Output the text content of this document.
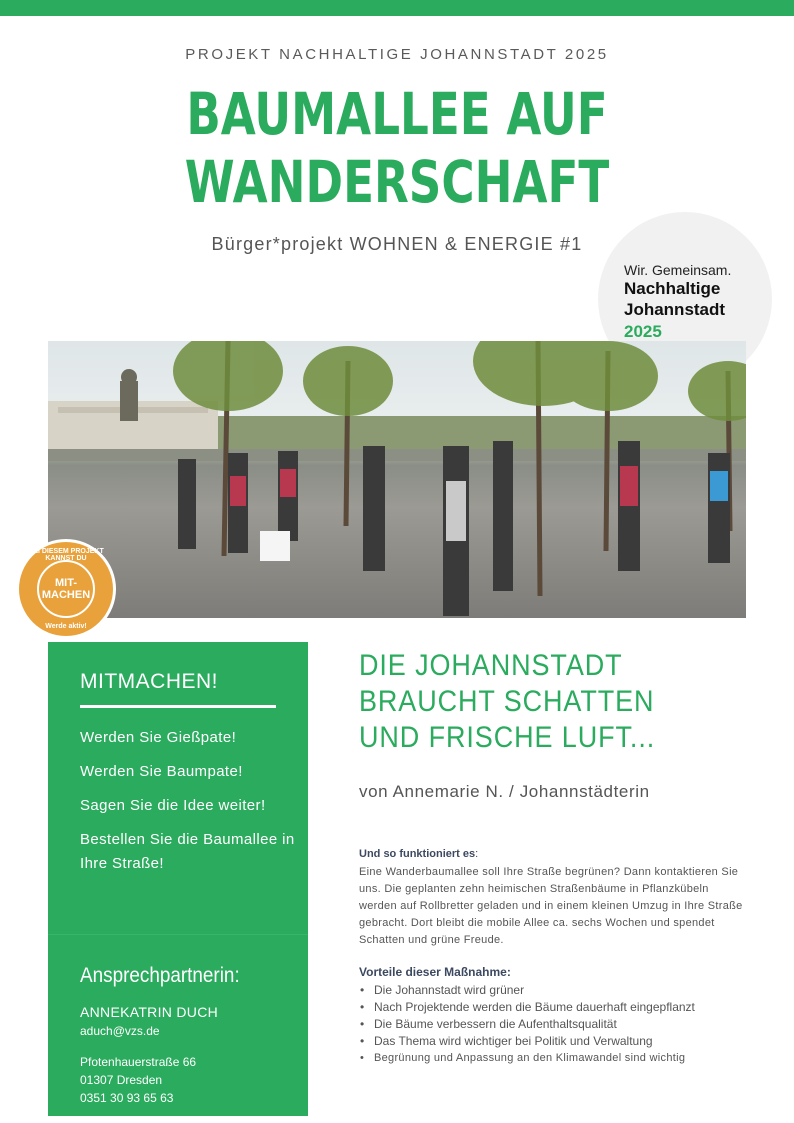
PROJEKT NACHHALTIGE JOHANNSTADT 2025
BAUMALLEE AUF
WANDERSCHAFT
Bürger*projekt WOHNEN & ENERGIE #1
Wir. Gemeinsam.
Nachhaltige
Johannstadt
2025
BEI DIESEM PROJEKT KANNST DU
MIT-
MACHEN
Werde aktiv!
MITMACHEN!
Werden Sie Gießpate!
Werden Sie Baumpate!
Sagen Sie die Idee weiter!
Bestellen Sie die Baumallee in Ihre Straße!
Ansprechpartnerin:
ANNEKATRIN DUCH
aduch@vzs.de
Pfotenhauerstraße 66
01307 Dresden
0351 30 93 65 63
DIE JOHANNSTADT BRAUCHT SCHATTEN UND FRISCHE LUFT...
von Annemarie N. / Johannstädterin
Und so funktioniert es:
Eine Wanderbaumallee soll Ihre Straße begrünen? Dann kontaktieren Sie uns. Die geplanten zehn heimischen Straßenbäume in Pflanzkübeln werden auf Rollbretter geladen und in einem kleinen Umzug in Ihre Straße gebracht. Dort bleibt die mobile Allee ca. sechs Wochen und spendet Schatten und grüne Freude.
Vorteile dieser Maßnahme:
• Die Johannstadt wird grüner
• Nach Projektende werden die Bäume dauerhaft eingepflanzt
• Die Bäume verbessern die Aufenthaltsqualität
• Das Thema wird wichtiger bei Politik und Verwaltung
• Begrünung und Anpassung an den Klimawandel sind wichtig
